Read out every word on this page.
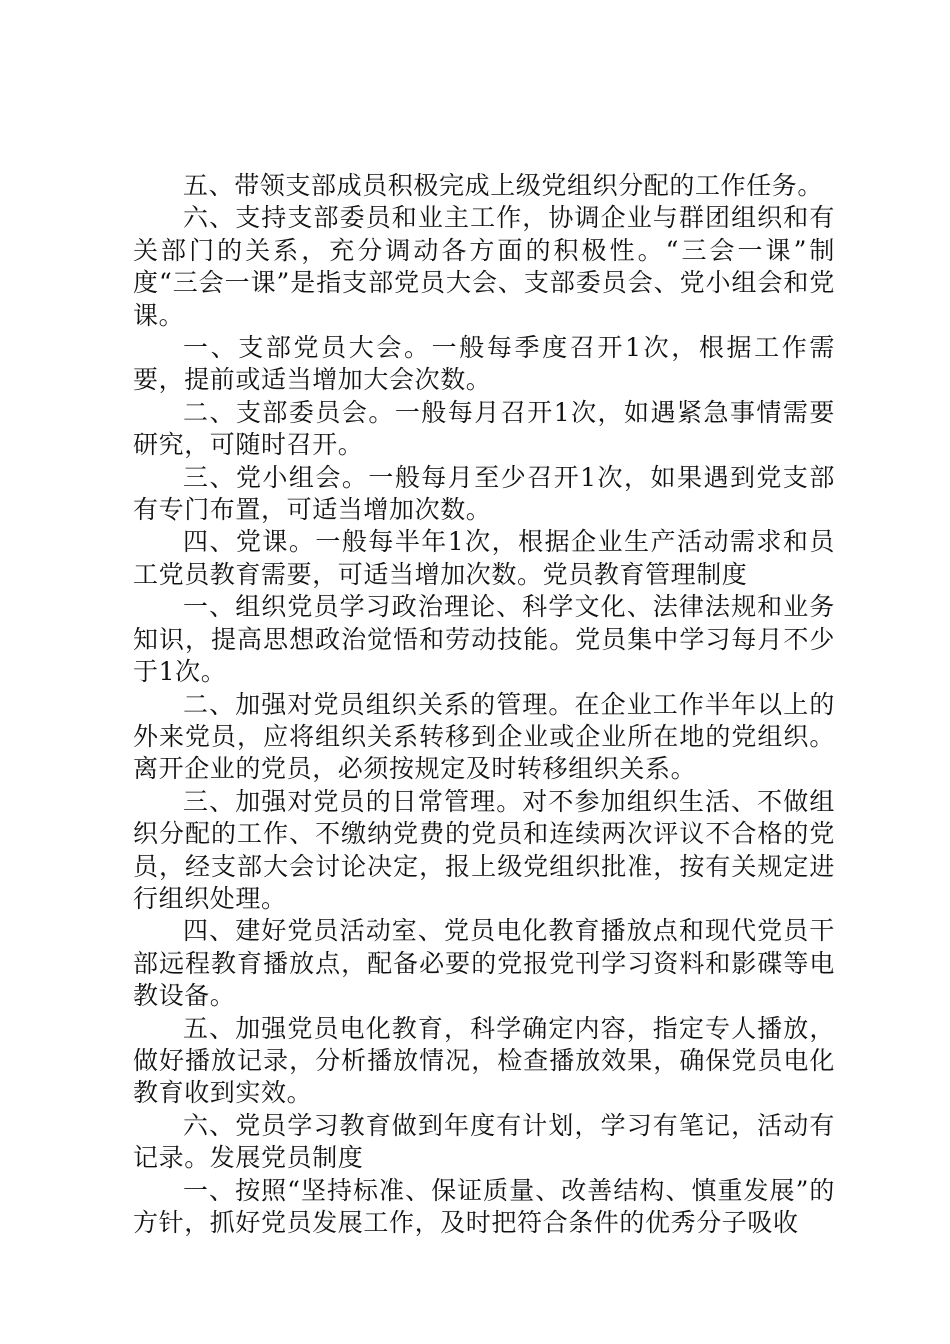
五、带领支部成员积极完成上级党组织分配的工作任务。

六、支持支部委员和业主工作，协调企业与群团组织和有关部门的关系，充分调动各方面的积极性。“三会一课”制度“三会一课”是指支部党员大会、支部委员会、党小组会和党课。

一、支部党员大会。一般每季度召开1次，根据工作需要，提前或适当增加大会次数。

二、支部委员会。一般每月召开1次，如遇紧急事情需要研究，可随时召开。

三、党小组会。一般每月至少召开1次，如果遇到党支部有专门布置，可适当增加次数。

四、党课。一般每半年1次，根据企业生产活动需求和员工党员教育需要，可适当增加次数。党员教育管理制度

一、组织党员学习政治理论、科学文化、法律法规和业务知识，提高思想政治觉悟和劳动技能。党员集中学习每月不少于1次。

二、加强对党员组织关系的管理。在企业工作半年以上的外来党员，应将组织关系转移到企业或企业所在地的党组织。离开企业的党员，必须按规定及时转移组织关系。

三、加强对党员的日常管理。对不参加组织生活、不做组织分配的工作、不缴纳党费的党员和连续两次评议不合格的党员，经支部大会讨论决定，报上级党组织批准，按有关规定进行组织处理。

四、建好党员活动室、党员电化教育播放点和现代党员干部远程教育播放点，配备必要的党报党刊学习资料和影碟等电教设备。

五、加强党员电化教育，科学确定内容，指定专人播放，做好播放记录，分析播放情况，检查播放效果，确保党员电化教育收到实效。

六、党员学习教育做到年度有计划，学习有笔记，活动有记录。发展党员制度

一、按照“坚持标准、保证质量、改善结构、慎重发展”的方针，抓好党员发展工作，及时把符合条件的优秀分子吸收
